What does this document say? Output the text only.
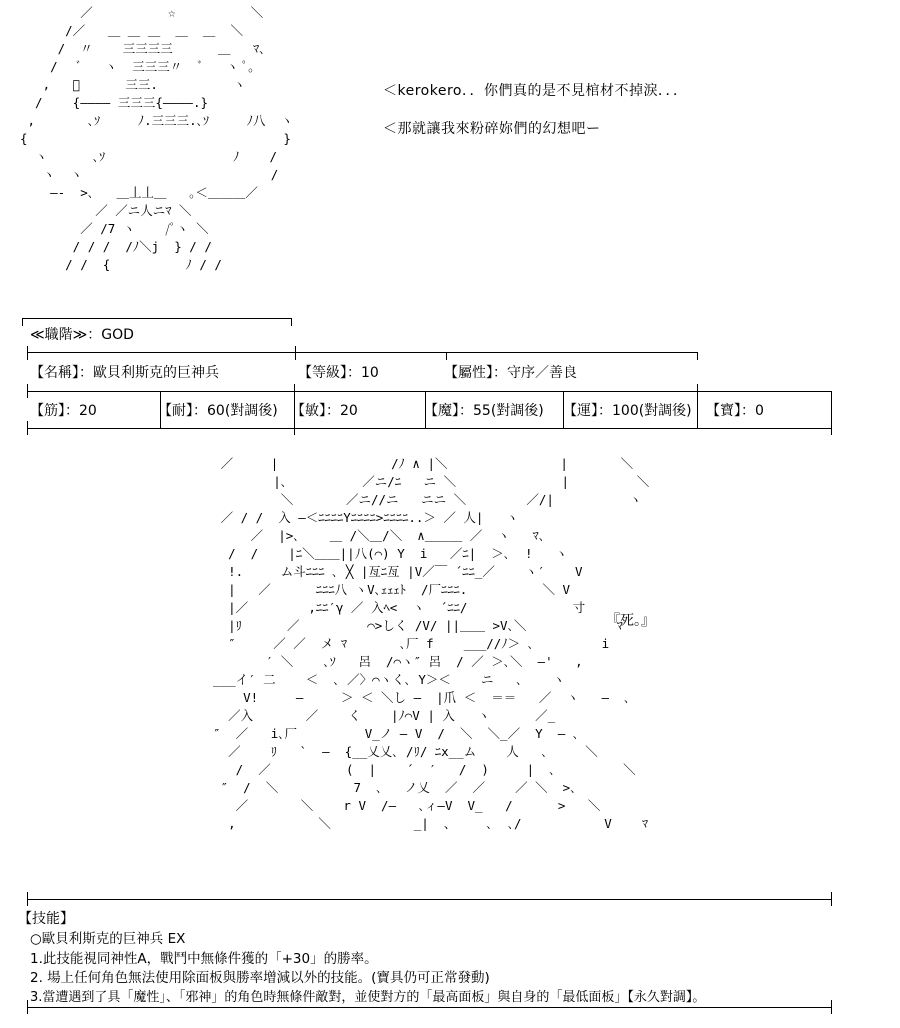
／          ☆          ＼
/／   ＿ ＿ ＿  ＿  ＿  ＼
/  〃    三三三三      ＿   ﾏ､
/   ﾞ   ヽ  三三三〃  ﾞ   ヽ ﾟ｡
,   ﾟ      三三.          ヽ
/    {―――― 三三三{――――.}
,       ､ｿ     ﾉ.三三三.､ｿ     ﾉ八  ヽ
{                                  }
ヽ      ､ｿ                 ﾉ    /
ヽ  ヽ                         /
―‐  >､   ＿丄丄＿   ｡＜＿＿＿／
／ ／ニ人ニﾏ ＼
／ /7 ヽ    /ﾟヽ ＼
/ / /  /ﾉ＼j  } / /
/ /  {          ﾉ / /
＜kerokero．．你們真的是不見棺材不掉淚．．．
＜那就讓我來粉碎妳們的幻想吧ー
≪職階≫：GOD
【名稱】：歐貝利斯克的巨神兵	【等級】：10	【屬性】：守序／善良
【筋】：20	【耐】：60(對調後) 【敏】：20	【魔】：55(對調後) 【運】：100(對調後) 【寶】：0
／     |               /ﾉ ∧ |＼               |       ＼
|､          ／ニ/ﾆ   ニ ＼              |         ＼
＼       ／ニ//ニ   ニニ ＼        ／/|          ヽ
／ / /  入 ―＜ﾆﾆﾆﾆYﾆﾆﾆﾆ>ﾆﾆﾆﾆ..＞ ／ 人|   ヽ
／  |>､    ＿ /＼＿/＼  ∧＿＿＿ ／  ヽ   ﾏ､
/  /    |ﾆ＼＿＿||八(⌒) Y  i   ／ﾆ|  ＞､  !   ヽ
!.     ム斗ﾆﾆﾆ ､ ╳ |亙ﾆ亙 |V／￣ ´ﾆﾆ_／    ヽ′    V
|   ／      ﾆﾆﾆ八 ヽV､ｪｪｪﾄ  /厂ﾆﾆﾆ.          ＼ V
|／        ,ﾆﾆ′γ ／ 入ﾍ<  ヽ  ´ﾆﾆ/              寸
|ﾘ      ／         ⌒>しく /V/ ||＿＿ >V､＼            ﾏ
″     ／ ／  メ ﾏ       ､厂 f    ___//ﾉ＞ ､         i
′ ＼    ､ｿ   呂  /⌒ヽ″ 呂  / ／ ＞､＼  ―'   ,
___イ′ 二    ＜  ､ ／〉⌒ヽく､ Y＞＜    ニ   ､    ヽ
V!     ―     ＞ ＜ ＼し ―  |爪 ＜  ＝＝   ／  ヽ   ―  ､
／入       ／    く    |ﾉ⌒V | 入   ヽ      ／_
″  ／   i､厂         V_ノ ― V  /  ＼  ＼_／  Y  ― ､
／    ﾘ   `  ―  {__乂乂､ /ﾘ/ ﾆx__ム    人   ､     ＼
/  ／          (  |    ´  ′   /  )     |  ､         ＼
″  /  ＼          7  ､   ノ乂  ／  ／    ／ ＼  >､
／       ＼    r V  /―   ､ィ―V  V_   /      >   ＼
,           ＼           _|  、    ､  ､/           V    ﾏ
『死。』
【技能】
○歐貝利斯克的巨神兵 EX
1.此技能視同神性A，戰鬥中無條件獲的「+30」的勝率。
2. 場上任何角色無法使用除面板與勝率增減以外的技能。(寶具仍可正常發動)
3.當遭遇到了具「魔性」、「邪神」的角色時無條件敵對，並使對方的「最高面板」與自身的「最低面板」【永久對調】。
